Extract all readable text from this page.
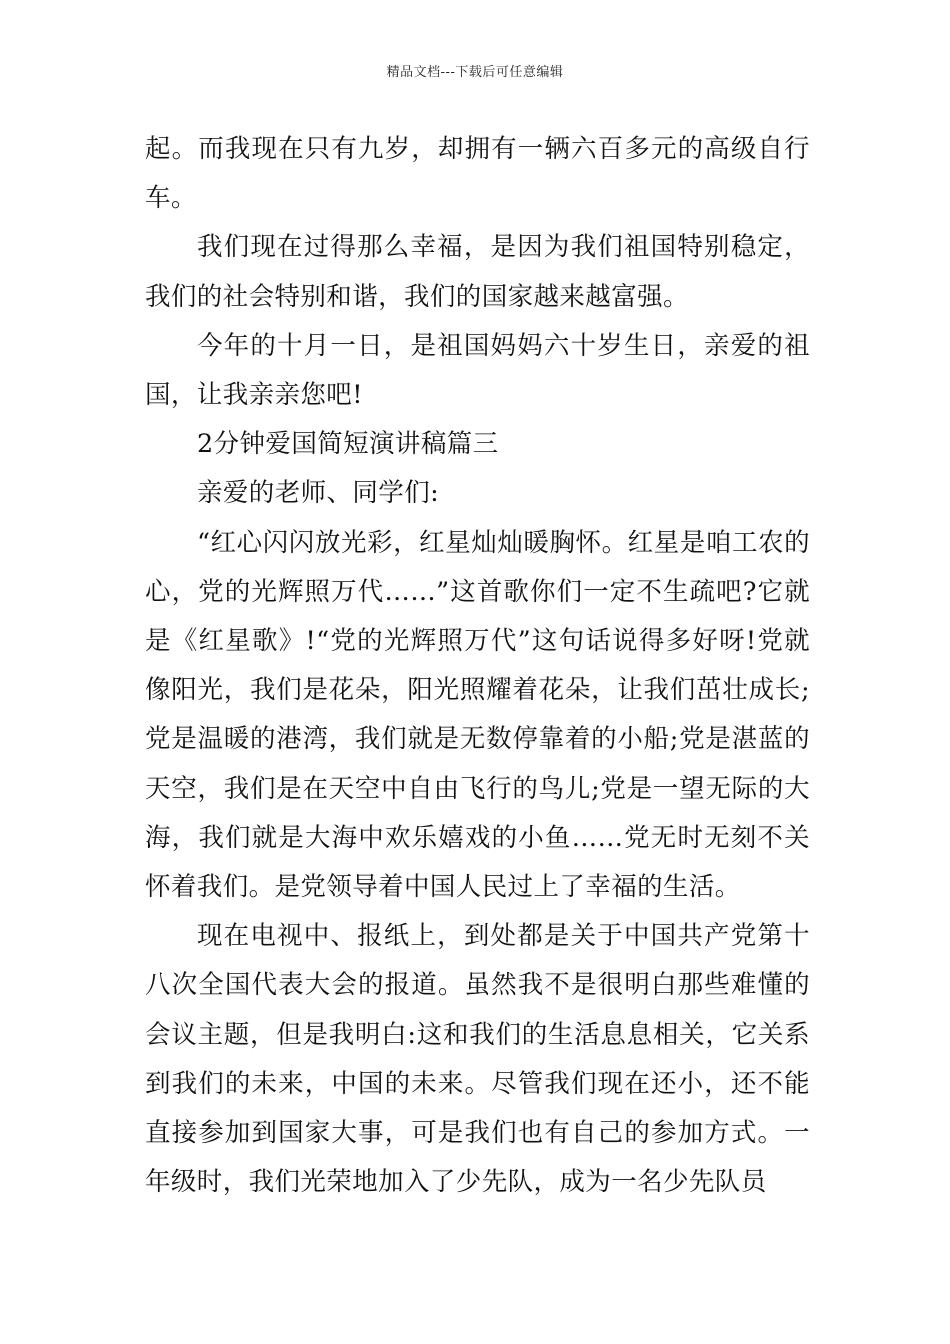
精品文档---下载后可任意编辑

起。而我现在只有九岁，却拥有一辆六百多元的高级自行车。

我们现在过得那么幸福，是因为我们祖国特别稳定，我们的社会特别和谐，我们的国家越来越富强。

今年的十月一日，是祖国妈妈六十岁生日，亲爱的祖国，让我亲亲您吧!

2分钟爱国简短演讲稿篇三

亲爱的老师、同学们:

“红心闪闪放光彩，红星灿灿暖胸怀。红星是咱工农的心，党的光辉照万代……”这首歌你们一定不生疏吧?它就是《红星歌》!“党的光辉照万代”这句话说得多好呀!党就像阳光，我们是花朵，阳光照耀着花朵，让我们茁壮成长;党是温暖的港湾，我们就是无数停靠着的小船;党是湛蓝的天空，我们是在天空中自由飞行的鸟儿;党是一望无际的大海，我们就是大海中欢乐嬉戏的小鱼……党无时无刻不关怀着我们。是党领导着中国人民过上了幸福的生活。

现在电视中、报纸上，到处都是关于中国共产党第十八次全国代表大会的报道。虽然我不是很明白那些难懂的会议主题，但是我明白:这和我们的生活息息相关，它关系到我们的未来，中国的未来。尽管我们现在还小，还不能直接参加到国家大事，可是我们也有自己的参加方式。一年级时，我们光荣地加入了少先队，成为一名少先队员
